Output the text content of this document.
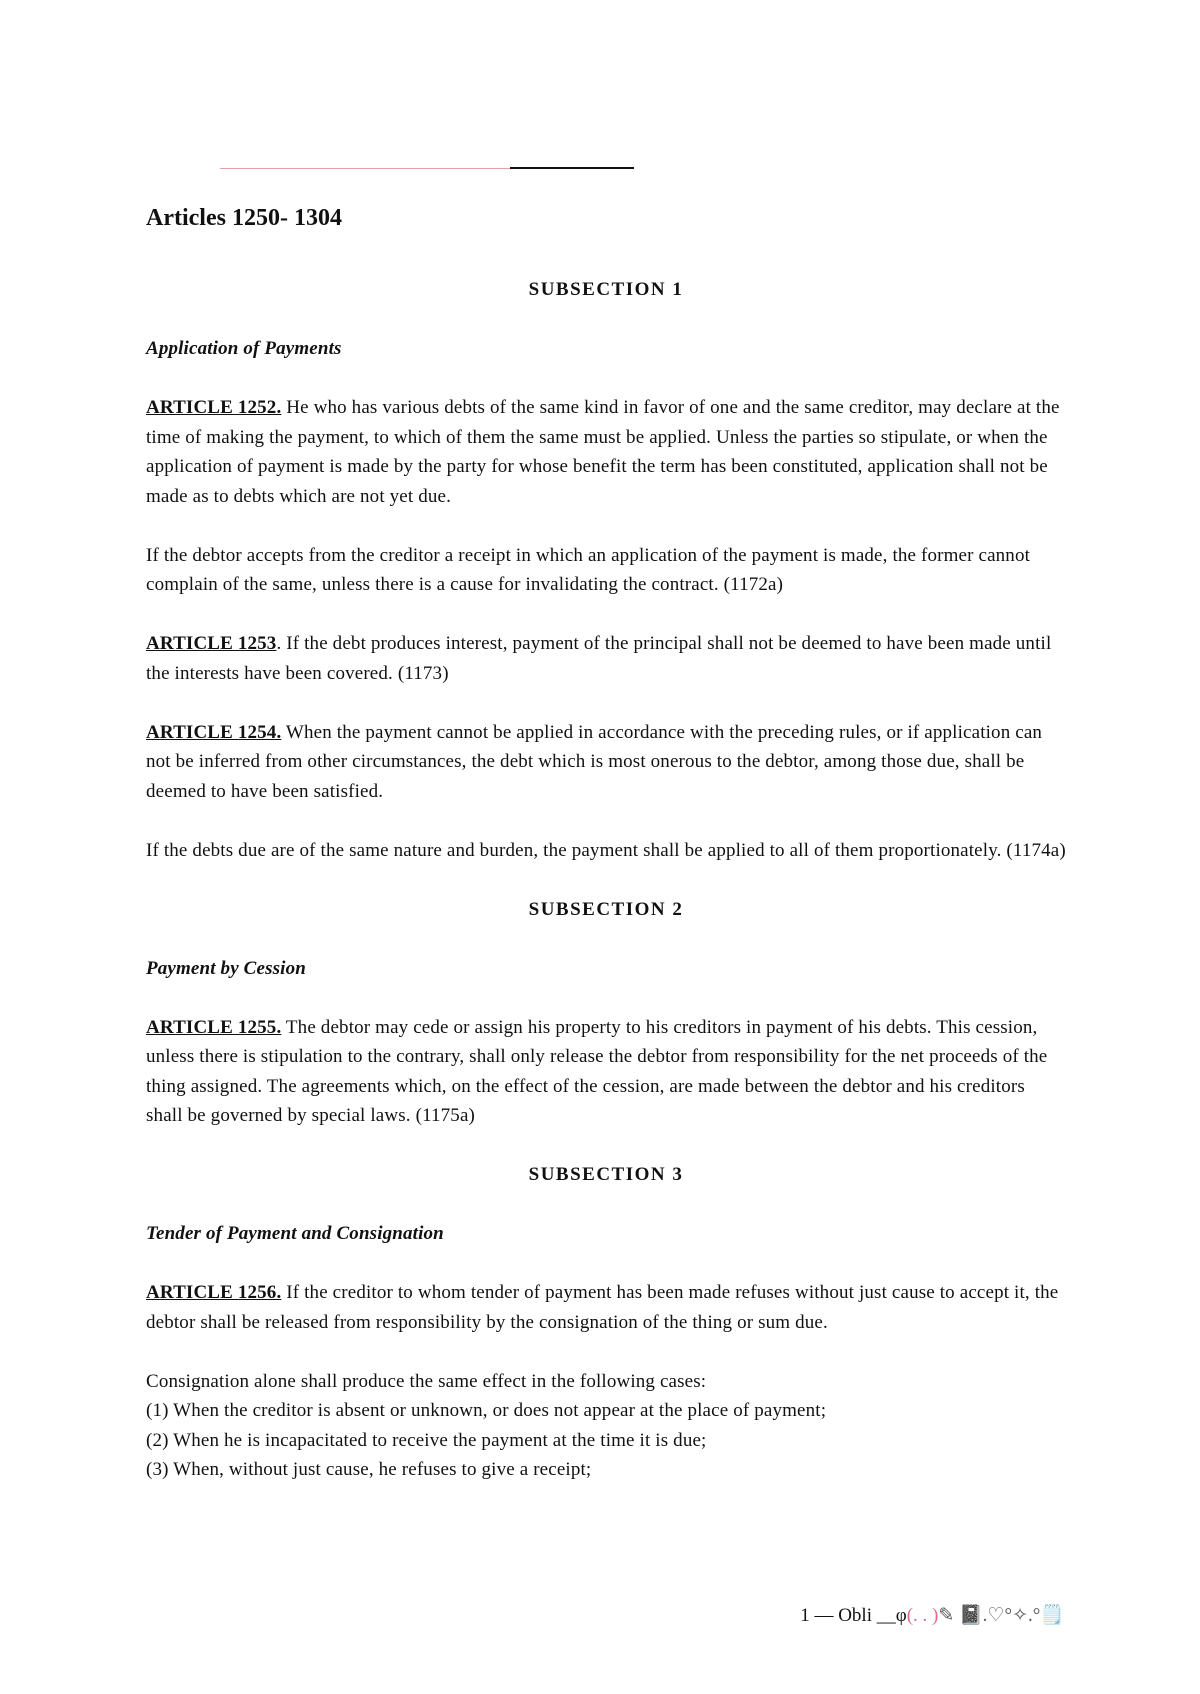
Articles 1250- 1304
SUBSECTION 1
Application of Payments

ARTICLE 1252. He who has various debts of the same kind in favor of one and the same creditor, may declare at the time of making the payment, to which of them the same must be applied. Unless the parties so stipulate, or when the application of payment is made by the party for whose benefit the term has been constituted, application shall not be made as to debts which are not yet due.

If the debtor accepts from the creditor a receipt in which an application of the payment is made, the former cannot complain of the same, unless there is a cause for invalidating the contract. (1172a)

ARTICLE 1253. If the debt produces interest, payment of the principal shall not be deemed to have been made until the interests have been covered. (1173)

ARTICLE 1254. When the payment cannot be applied in accordance with the preceding rules, or if application can not be inferred from other circumstances, the debt which is most onerous to the debtor, among those due, shall be deemed to have been satisfied.

If the debts due are of the same nature and burden, the payment shall be applied to all of them proportionately. (1174a)

SUBSECTION 2
Payment by Cession

ARTICLE 1255. The debtor may cede or assign his property to his creditors in payment of his debts. This cession, unless there is stipulation to the contrary, shall only release the debtor from responsibility for the net proceeds of the thing assigned. The agreements which, on the effect of the cession, are made between the debtor and his creditors shall be governed by special laws. (1175a)

SUBSECTION 3
Tender of Payment and Consignation

ARTICLE 1256. If the creditor to whom tender of payment has been made refuses without just cause to accept it, the debtor shall be released from responsibility by the consignation of the thing or sum due.

Consignation alone shall produce the same effect in the following cases:
(1) When the creditor is absent or unknown, or does not appear at the place of payment;
(2) When he is incapacitated to receive the payment at the time it is due;
(3) When, without just cause, he refuses to give a receipt;
1 — Obli __φ(. . )✎ 📓.♡°✧.°🗒️
